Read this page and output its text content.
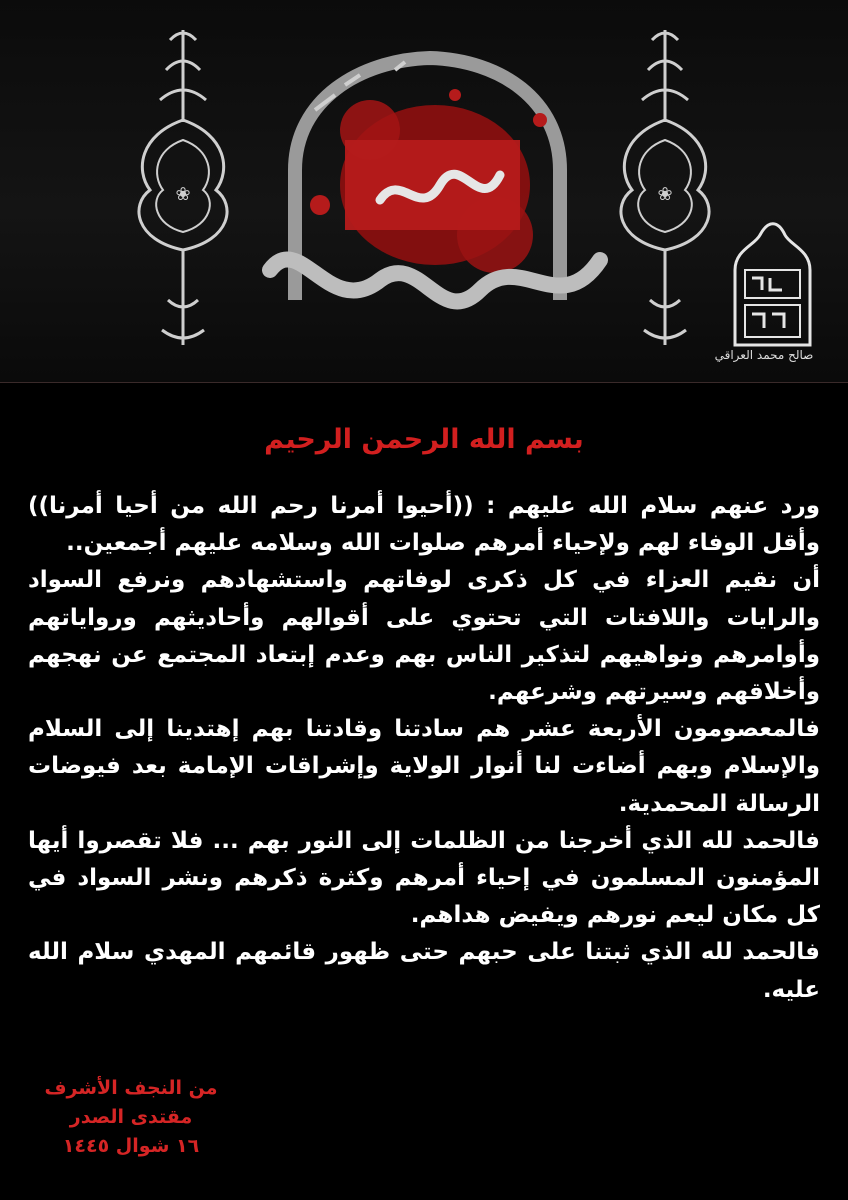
❀	❀
صالح محمد العراقي
بسم الله الرحمن الرحيم

ورد عنهم سلام الله عليهم : ((أحيوا أمرنا رحم الله من أحيا أمرنا)) وأقل الوفاء لهم ولإحياء أمرهم صلوات الله وسلامه عليهم أجمعين..

أن نقيم العزاء في كل ذكرى لوفاتهم واستشهادهم ونرفع السواد والرايات واللافتات التي تحتوي على أقوالهم وأحاديثهم ورواياتهم وأوامرهم ونواهيهم لتذكير الناس بهم وعدم إبتعاد المجتمع عن نهجهم وأخلاقهم وسيرتهم وشرعهم.

فالمعصومون الأربعة عشر هم سادتنا وقادتنا بهم إهتدينا إلى السلام والإسلام وبهم أضاءت لنا أنوار الولاية وإشراقات الإمامة بعد فيوضات الرسالة المحمدية.

فالحمد لله الذي أخرجنا من الظلمات إلى النور بهم ... فلا تقصروا أيها المؤمنون المسلمون في إحياء أمرهم وكثرة ذكرهم ونشر السواد في كل مكان ليعم نورهم ويفيض هداهم.

فالحمد لله الذي ثبتنا على حبهم حتى ظهور قائمهم المهدي سلام الله عليه.

من النجف الأشرف
مقتدى الصدر
١٦ شوال ١٤٤٥
